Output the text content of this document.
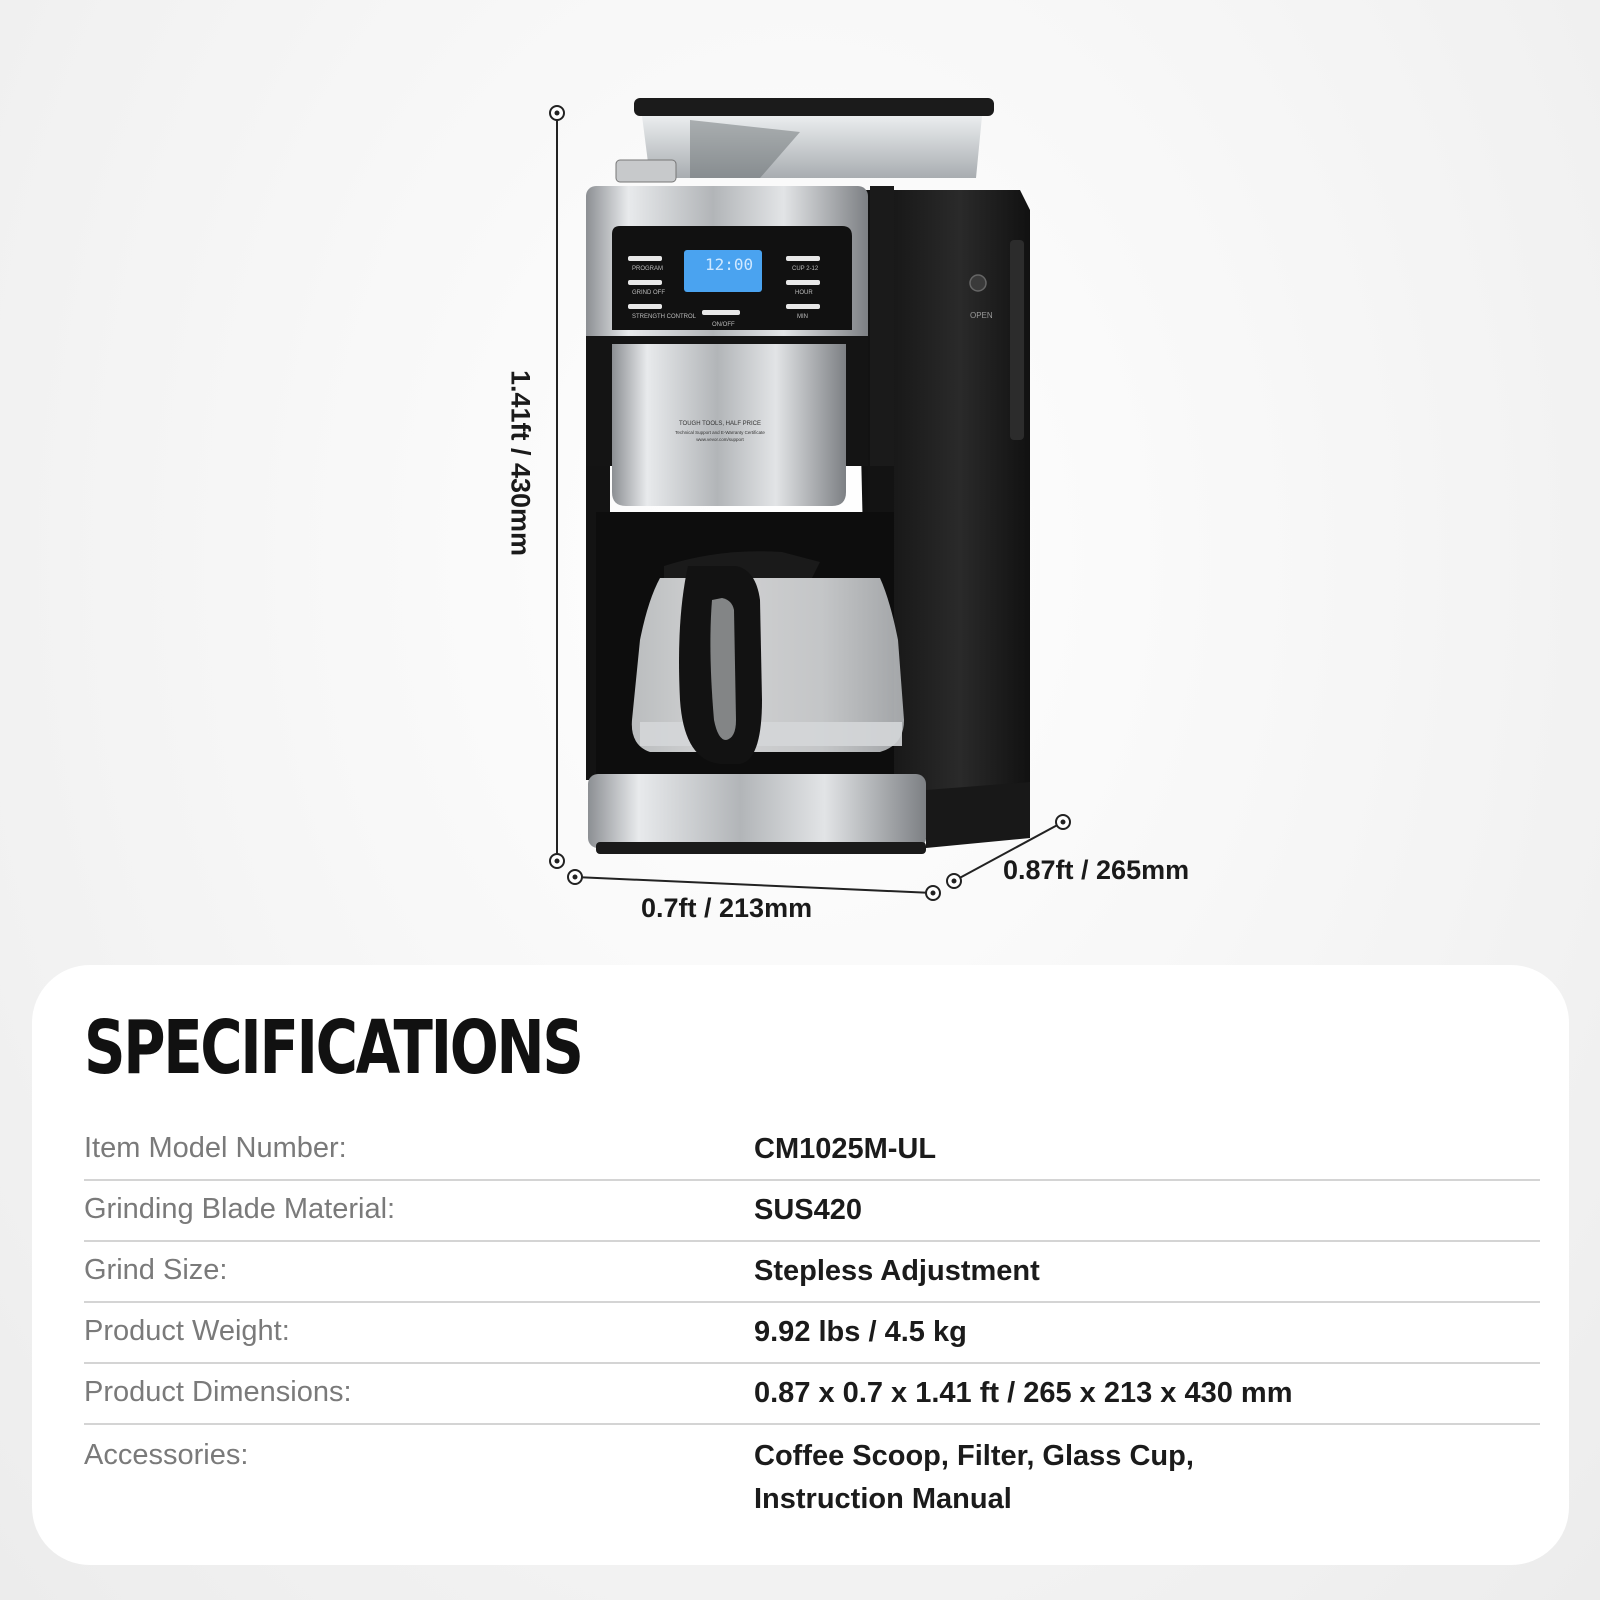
OPEN
12:00
PROGRAM
GRIND OFF
STRENGTH CONTROL
CUP 2-12
HOUR
MIN
ON/OFF
TOUGH TOOLS, HALF PRICE
Technical Support and E-Warranty Certificate
www.vevor.com/support
1.41ft / 430mm
0.7ft / 213mm
0.87ft / 265mm
SPECIFICATIONS
Item Model Number:	CM1025M-UL
Grinding Blade Material:	SUS420
Grind Size:	Stepless Adjustment
Product Weight:	9.92 lbs / 4.5 kg
Product Dimensions:	0.87 x 0.7 x 1.41 ft / 265 x 213 x 430 mm
Accessories:	Coffee Scoop, Filter, Glass Cup,
Instruction Manual
